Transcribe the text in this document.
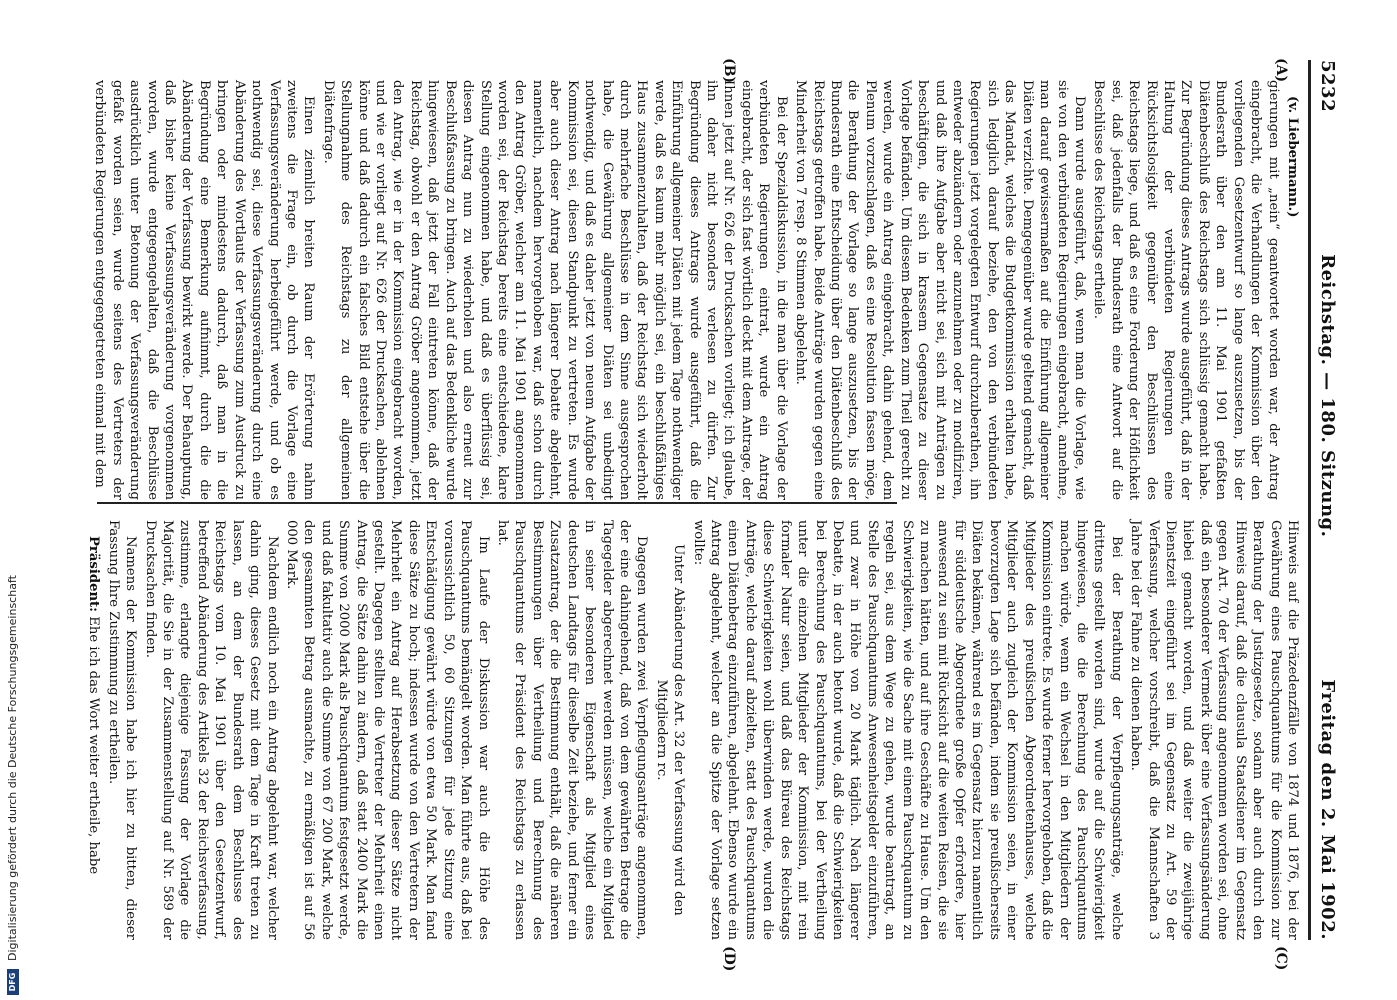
5232
Reichstag. — 180. Sitzung.
Freitag den 2. Mai 1902.
(A)
(B)
(C)
(D)

(v. Liebermann.)

gierungen mit „nein“ geantwortet worden war, der Antrag eingebracht, die Verhandlungen der Kommission über den vorliegenden Gesetzentwurf so lange auszusetzen, bis der Bundesrath über den am 11. Mai 1901 gefaßten Diätenbeschluß des Reichstags sich schlüssig gemacht habe. Zur Begründung dieses Antrags wurde ausgeführt, daß in der Haltung der verbündeten Regierungen eine Rücksichtslosigkeit gegenüber den Beschlüssen des Reichstags liege, und daß es eine Forderung der Höflichkeit sei, daß jedenfalls der Bundesrath eine Antwort auf die Beschlüsse des Reichstags ertheile.

Dann wurde ausgeführt, daß, wenn man die Vorlage, wie sie von den verbündeten Regierungen eingebracht, annehme, man darauf gewissermaßen auf die Einführung allgemeiner Diäten verzichte. Demgegenüber wurde geltend gemacht, daß das Mandat, welches die Budgetkommission erhalten habe, sich lediglich darauf beziehe, den von den verbündeten Regierungen jetzt vorgelegten Entwurf durchzuberathen, ihn entweder abzuändern oder anzunehmen oder zu modifiziren, und daß ihre Aufgabe aber nicht sei, sich mit Anträgen zu beschäftigen, die sich in krassem Gegensatze zu dieser Vorlage befänden. Um diesem Bedenken zum Theil gerecht zu werden, wurde ein Antrag eingebracht, dahin gehend, dem Plenum vorzuschlagen, daß es eine Resolution fassen möge, die Berathung der Vorlage so lange auszusetzen, bis der Bundesrath eine Entscheidung über den Diätenbeschluß des Reichstags getroffen habe. Beide Anträge wurden gegen eine Minderheit von 7 resp. 8 Stimmen abgelehnt.

Bei der Spezialdiskussion, in die man über die Vorlage der verbündeten Regierungen eintrat, wurde ein Antrag eingebracht, der sich fast wörtlich deckt mit dem Antrage, der Ihnen jetzt auf Nr. 626 der Drucksachen vorliegt; ich glaube, ihn daher nicht besonders verlesen zu dürfen. Zur Begründung dieses Antrags wurde ausgeführt, daß die Einführung allgemeiner Diäten mit jedem Tage nothwendiger werde, daß es kaum mehr möglich sei, ein beschlußfähiges Haus zusammenzuhalten, daß der Reichstag sich wiederholt durch mehrfache Beschlüsse in dem Sinne ausgesprochen habe, die Gewährung allgemeiner Diäten sei unbedingt nothwendig, und daß es daher jetzt von neuem Aufgabe der Kommission sei, diesen Standpunkt zu vertreten. Es wurde aber auch dieser Antrag nach längerer Debatte abgelehnt, namentlich, nachdem hervorgehoben war, daß schon durch den Antrag Gröber, welcher am 11. Mai 1901 angenommen worden sei, der Reichstag bereits eine entschiedene, klare Stellung eingenommen habe, und daß es überflüssig sei, diesen Antrag nun zu wiederholen und also erneut zur Beschlußfassung zu bringen. Auch auf das Bedenkliche wurde hingewiesen, daß jetzt der Fall eintreten könne, daß der Reichstag, obwohl er den Antrag Gröber angenommen, jetzt den Antrag, wie er in der Kommission eingebracht worden, und wie er vorliegt auf Nr. 626 der Drucksachen, ablehnen könne und daß dadurch ein falsches Bild entstehe über die Stellungnahme des Reichstags zu der allgemeinen Diätenfrage.

Einen ziemlich breiten Raum der Erörterung nahm zweitens die Frage ein, ob durch die Vorlage eine Verfassungsveränderung herbeigeführt werde, und ob es nothwendig sei, diese Verfassungsveränderung durch eine Abänderung des Wortlauts der Verfassung zum Ausdruck zu bringen oder mindestens dadurch, daß man in die Begründung eine Bemerkung aufnimmt, durch die die Abänderung der Verfassung bewirkt werde. Der Behauptung, daß bisher keine Verfassungsveränderung vorgenommen worden, wurde entgegengehalten, daß die Beschlüsse ausdrücklich unter Betonung der Verfassungsveränderung gefaßt worden seien, wurde seitens des Vertreters der verbündeten Regierungen entgegengetreten einmal mit dem

Hinweis auf die Präzedenzfälle von 1874 und 1876, bei der Gewährung eines Pauschquantums für die Kommission zur Berathung der Justizgesetze, sodann aber auch durch den Hinweis darauf, daß die clausula Staatsdiener im Gegensatz gegen Art. 70 der Verfassung angenommen worden sei, ohne daß ein besonderer Vermerk über eine Verfassungsänderung hiebei gemacht worden, und daß weiter die zweijährige Dienstzeit eingeführt sei im Gegensatz zu Art. 59 der Verfassung, welcher vorschreibt, daß die Mannschaften 3 Jahre bei der Fahne zu dienen haben.

Bei der Berathung der Verpflegungsanträge, welche drittens gestellt worden sind, wurde auf die Schwierigkeit hingewiesen, die die Berechnung des Pauschquantums machen würde, wenn ein Wechsel in den Mitgliedern der Kommission eintrete. Es wurde ferner hervorgehoben, daß die Mitglieder des preußischen Abgeordnetenhauses, welche Mitglieder auch zugleich der Kommission seien, in einer bevorzugten Lage sich befänden, indem sie preußischerseits Diäten bekämen, während es im Gegensatz hierzu namentlich für süddeutsche Abgeordnete große Opfer erfordere, hier anwesend zu sein mit Rücksicht auf die weiten Reisen, die sie zu machen hätten, und auf ihre Geschäfte zu Hause. Um den Schwierigkeiten, wie die Sache mit einem Pauschquantum zu regeln sei, aus dem Wege zu gehen, wurde beantragt, an Stelle des Pauschquantums Anwesenheitsgelder einzuführen, und zwar in Höhe von 20 Mark täglich. Nach längerer Debatte, in der auch betont wurde, daß die Schwierigkeiten bei Berechnung des Pauschquantums, bei der Vertheilung unter die einzelnen Mitglieder der Kommission, mit rein formaler Natur seien, und daß das Büreau des Reichstags diese Schwierigkeiten wohl überwinden werde, wurden die Anträge, welche darauf abzielten, statt des Pauschquantums einen Diätenbetrag einzuführen, abgelehnt. Ebenso wurde ein Antrag abgelehnt, welcher an die Spitze der Vorlage setzen wollte:

Unter Abänderung des Art. 32 der Verfassung wird den Mitgliedern rc.

Dagegen wurden zwei Verpflegungsanträge angenommen, der eine dahingehend, daß von dem gewährten Betrage die Tagegelder abgerechnet werden müssen, welche ein Mitglied in seiner besonderen Eigenschaft als Mitglied eines deutschen Landtags für dieselbe Zeit beziehe, und ferner ein Zusatzantrag, der die Bestimmung enthält, daß die näheren Bestimmungen über Vertheilung und Berechnung des Pauschquantums der Präsident des Reichstags zu erlassen hat.

Im Laufe der Diskussion war auch die Höhe des Pauschquantums bemängelt worden. Man führte aus, daß bei voraussichtlich 50, 60 Sitzungen für jede Sitzung eine Entschädigung gewährt würde von etwa 50 Mark. Man fand diese Sätze zu hoch; indessen wurde von den Vertretern der Mehrheit ein Antrag auf Herabsetzung dieser Sätze nicht gestellt. Dagegen stellten die Vertreter der Mehrheit einen Antrag, die Sätze dahin zu ändern, daß statt 2400 Mark die Summe von 2000 Mark als Pauschquantum festgesetzt werde, und daß fakultativ auch die Summe von 67 200 Mark, welche den gesammten Betrag ausmachte, zu ermäßigen ist auf 56 000 Mark.

Nachdem endlich noch ein Antrag abgelehnt war, welcher dahin ging, dieses Gesetz mit dem Tage in Kraft treten zu lassen, an dem der Bundesrath dem Beschlusse des Reichstags vom 10. Mai 1901 über den Gesetzentwurf, betreffend Abänderung des Artikels 32 der Reichsverfassung, zustimme, erlangte diejenige Fassung der Vorlage die Majorität, die Sie in der Zusammenstellung auf Nr. 589 der Drucksachen finden.

Namens der Kommission habe ich hier zu bitten, dieser Fassung Ihre Zustimmung zu ertheilen.

Präsident: Ehe ich das Wort weiter ertheile, habe

DFG
Digitalisierung gefördert durch die Deutsche Forschungsgemeinschaft
